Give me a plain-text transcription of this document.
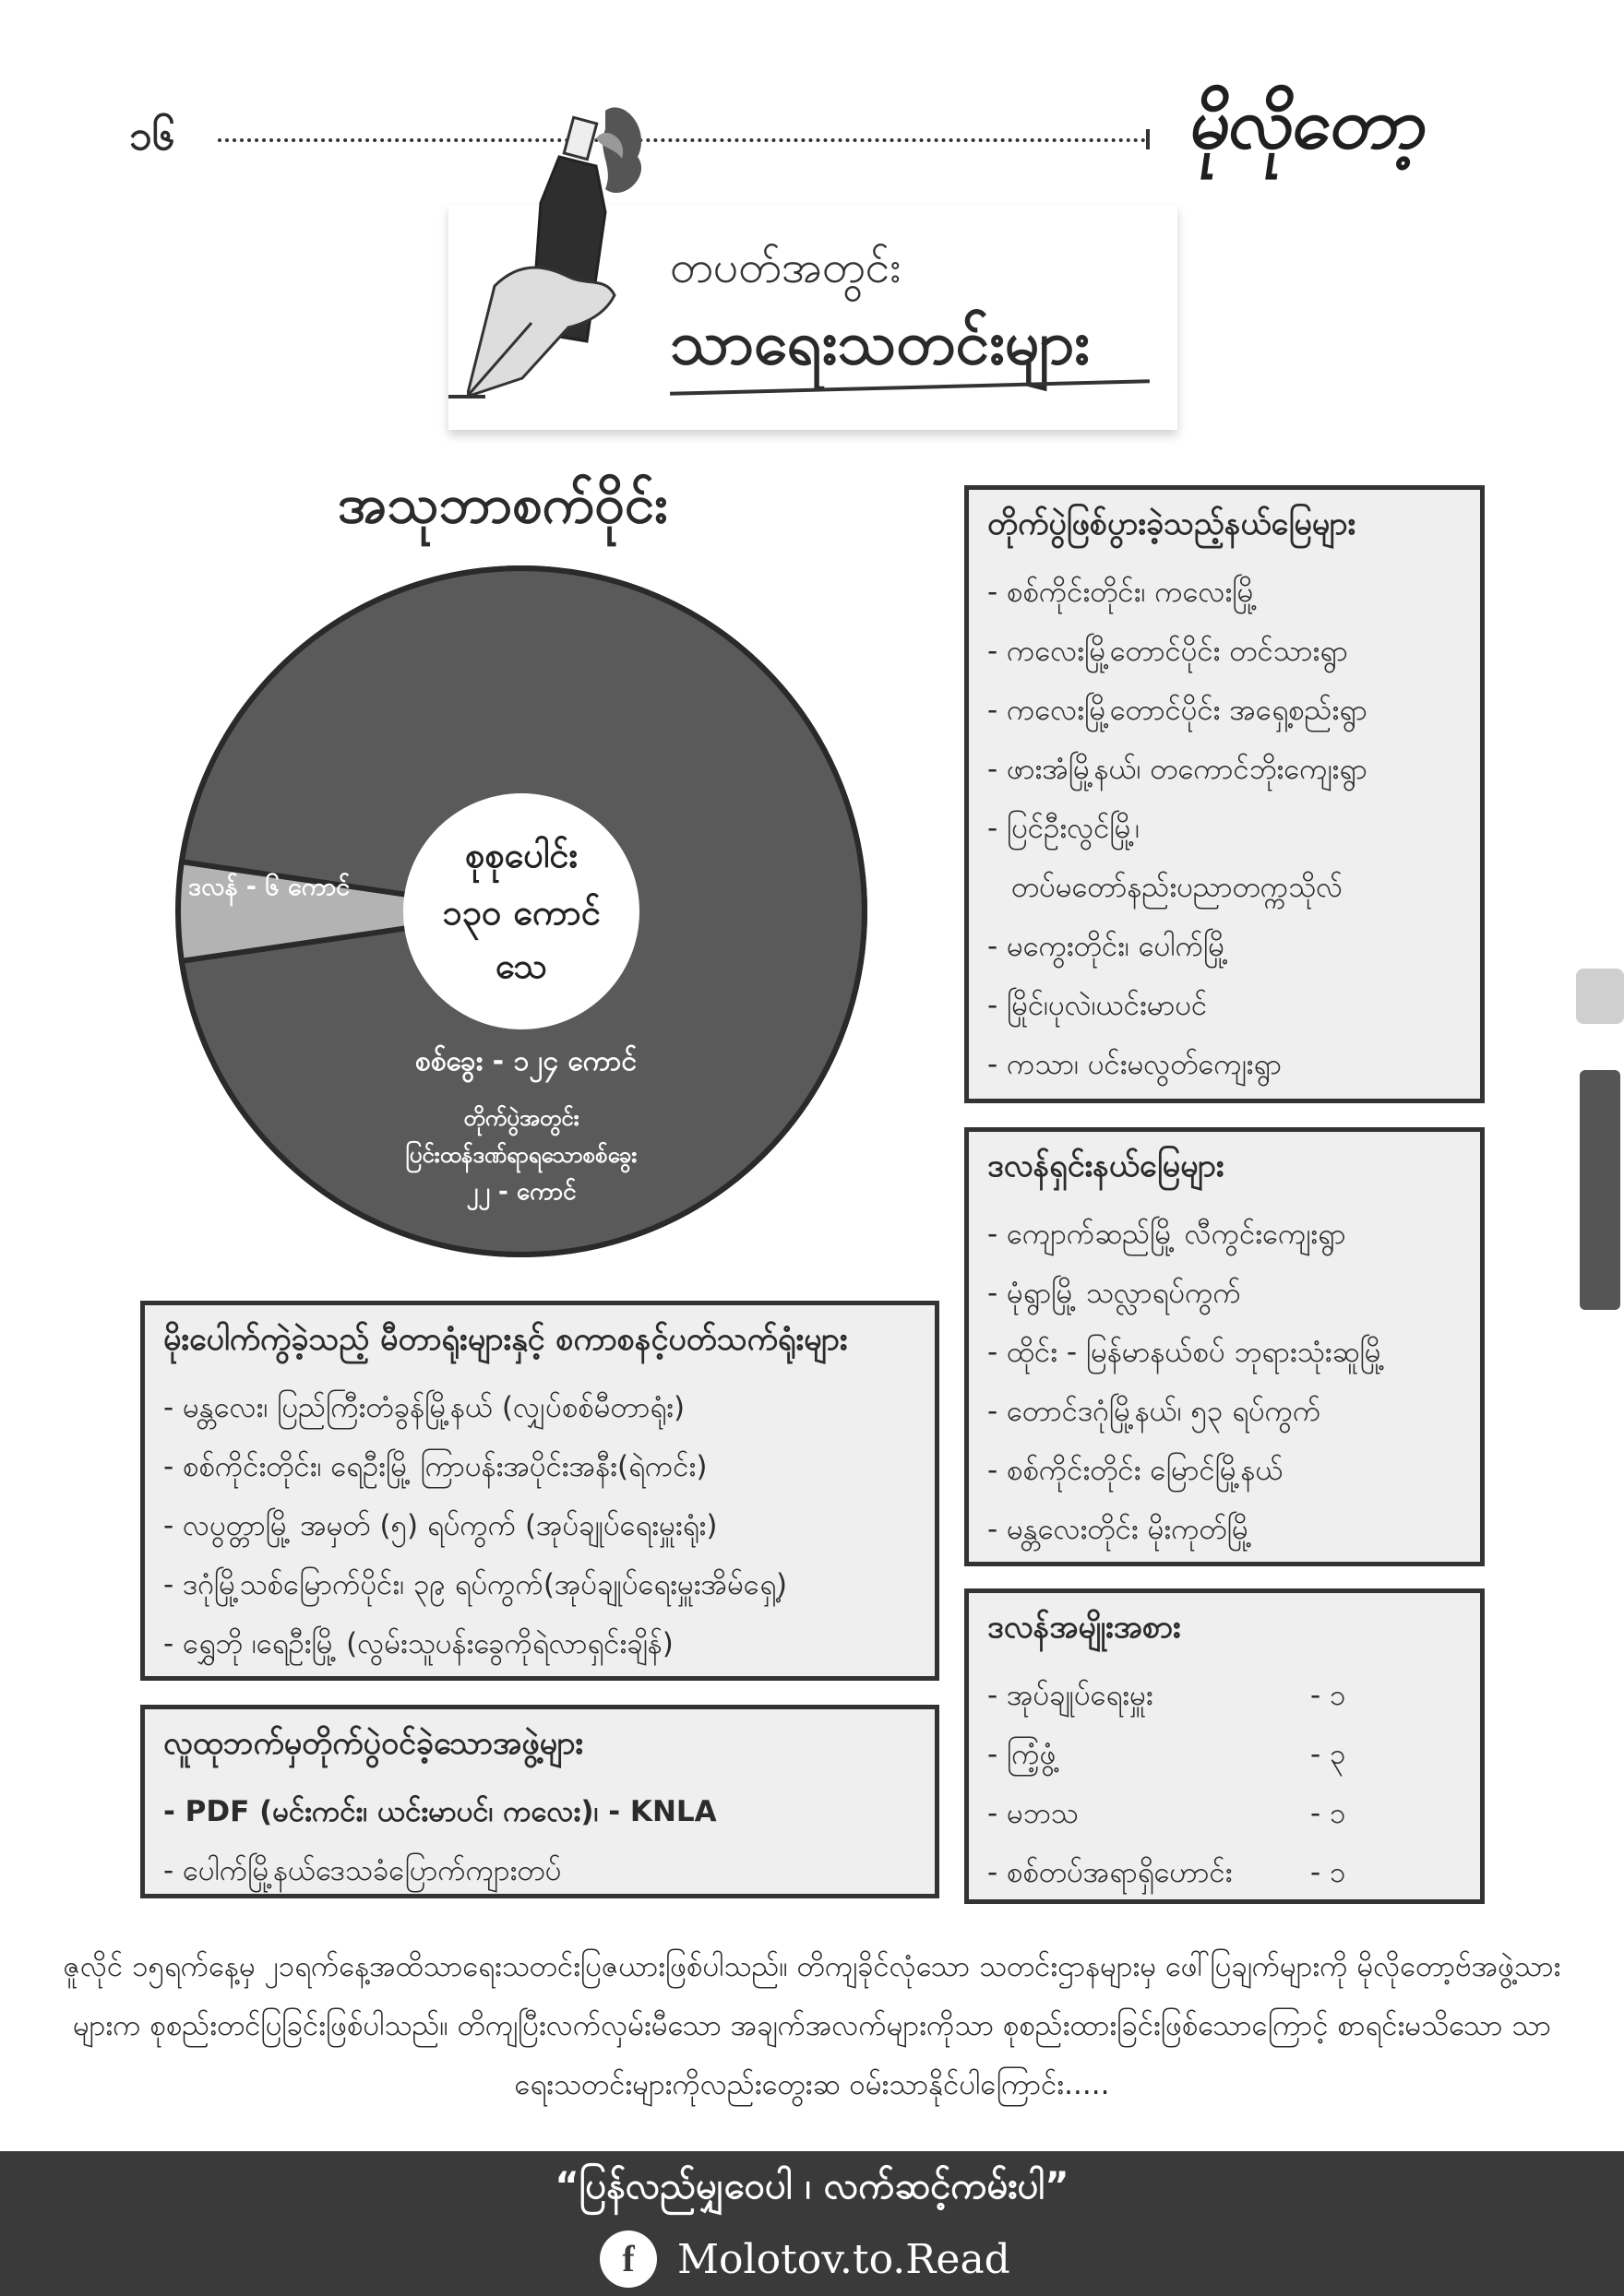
၁၆	မိုလိုတော့
တပတ်အတွင်း
သာရေးသတင်းများ
အသုဘာစက်ဝိုင်း
စုစုပေါင်း
၁၃၀ ကောင်
သေ
ဒလန် - ၆ ကောင်
စစ်ခွေး - ၁၂၄ ကောင်
တိုက်ပွဲအတွင်း
ပြင်းထန်ဒဏ်ရာရသောစစ်ခွေး
၂၂ - ကောင်
တိုက်ပွဲဖြစ်ပွားခဲ့သည့်နယ်မြေများ
- စစ်ကိုင်းတိုင်း၊ ကလေးမြို့
- ကလေးမြို့တောင်ပိုင်း တင်သားရွာ
- ကလေးမြို့တောင်ပိုင်း အရှေ့စည်းရွာ
- ဖားအံမြို့နယ်၊ တကောင်ဘိုးကျေးရွာ
- ပြင်ဦးလွင်မြို့၊
တပ်မတော်နည်းပညာတက္ကသိုလ်
- မကွေးတိုင်း၊ ပေါက်မြို့
- မြိုင်၊ပုလဲ၊ယင်းမာပင်
- ကသာ၊ ပင်းမလွတ်ကျေးရွာ
ဒလန်ရှင်းနယ်မြေများ
- ကျောက်ဆည်မြို့ လီကွင်းကျေးရွာ
- မုံရွာမြို့ သလ္လာရပ်ကွက်
- ထိုင်း - မြန်မာနယ်စပ် ဘုရားသုံးဆူမြို့
- တောင်ဒဂုံမြို့နယ်၊ ၅၃ ရပ်ကွက်
- စစ်ကိုင်းတိုင်း မြောင်မြို့နယ်
- မန္တလေးတိုင်း မိုးကုတ်မြို့
ဒလန်အမျိုးအစား
- အုပ်ချုပ်ရေးမှူး	- ၁
- ကြံ့ဖွံ့	- ၃
- မဘသ	- ၁
- စစ်တပ်အရာရှိဟောင်း	- ၁
မိုးပေါက်ကွဲခဲ့သည့် မီတာရုံးများနှင့် စကာစနင့်ပတ်သက်ရုံးများ
- မန္တလေး၊ ပြည်ကြီးတံခွန်မြို့နယ် (လျှပ်စစ်မီတာရုံး)
- စစ်ကိုင်းတိုင်း၊ ရေဦးမြို့ ကြာပန်းအပိုင်းအနီး(ရဲကင်း)
- လပွတ္တာမြို့ အမှတ် (၅) ရပ်ကွက် (အုပ်ချုပ်ရေးမှူးရုံး)
- ဒဂုံမြို့သစ်မြောက်ပိုင်း၊ ၃၉ ရပ်ကွက်(အုပ်ချုပ်ရေးမှူးအိမ်ရှေ့)
- ရွှေဘို ၊ရေဦးမြို့ (လွမ်းသူပန်းခွေကိုရဲလာရှင်းချိန်)
လူထုဘက်မှတိုက်ပွဲဝင်ခဲ့သောအဖွဲ့များ
- PDF (မင်းကင်း၊ ယင်းမာပင်၊ ကလေး)၊ - KNLA
- ပေါက်မြို့နယ်ဒေသခံပြောက်ကျားတပ်
ဇူလိုင် ၁၅ရက်နေ့မှ ၂၁ရက်နေ့အထိသာရေးသတင်းပြဇယားဖြစ်ပါသည်။ တိကျခိုင်လုံသော သတင်းဌာနများမှ ဖေါ်ပြချက်များကို မိုလိုတော့ဗ်အဖွဲ့သားများက စုစည်းတင်ပြခြင်းဖြစ်ပါသည်။ တိကျပြီးလက်လှမ်းမီသော အချက်အလက်များကိုသာ စုစည်းထားခြင်းဖြစ်သောကြောင့် စာရင်းမသိသော သာရေးသတင်းများကိုလည်းတွေးဆ ဝမ်းသာနိုင်ပါကြောင်း.....
“ပြန်လည်မျှဝေပါ ၊ လက်ဆင့်ကမ်းပါ”
f	Molotov.to.Read
